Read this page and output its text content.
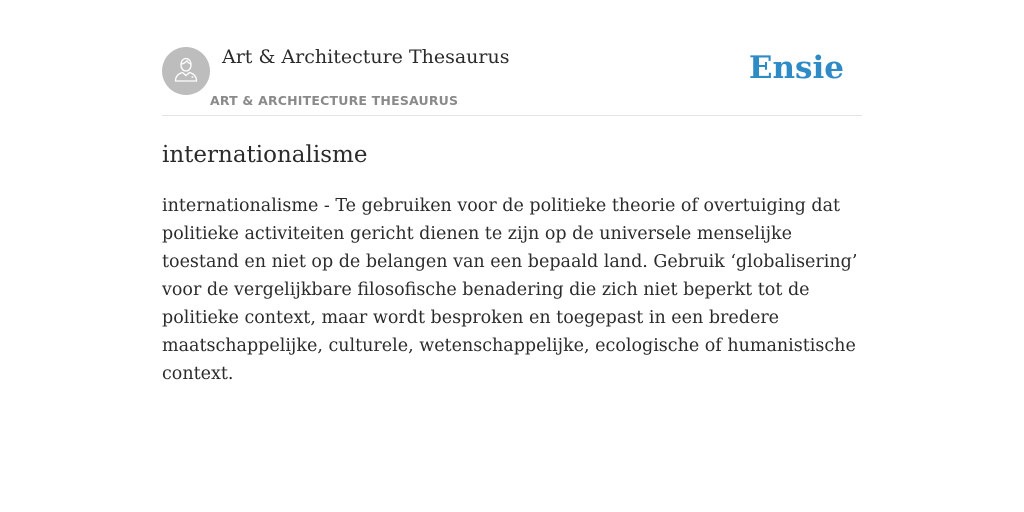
Art & Architecture Thesaurus
ART & ARCHITECTURE THESAURUS
Ensie
internationalisme

internationalisme - Te gebruiken voor de politieke theorie of overtuiging dat politieke activiteiten gericht dienen te zijn op de universele menselijke toestand en niet op de belangen van een bepaald land. Gebruik ‘globalisering’ voor de vergelijkbare filosofische benadering die zich niet beperkt tot de politieke context, maar wordt besproken en toegepast in een bredere maatschappelijke, culturele, wetenschappelijke, ecologische of humanistische context.
